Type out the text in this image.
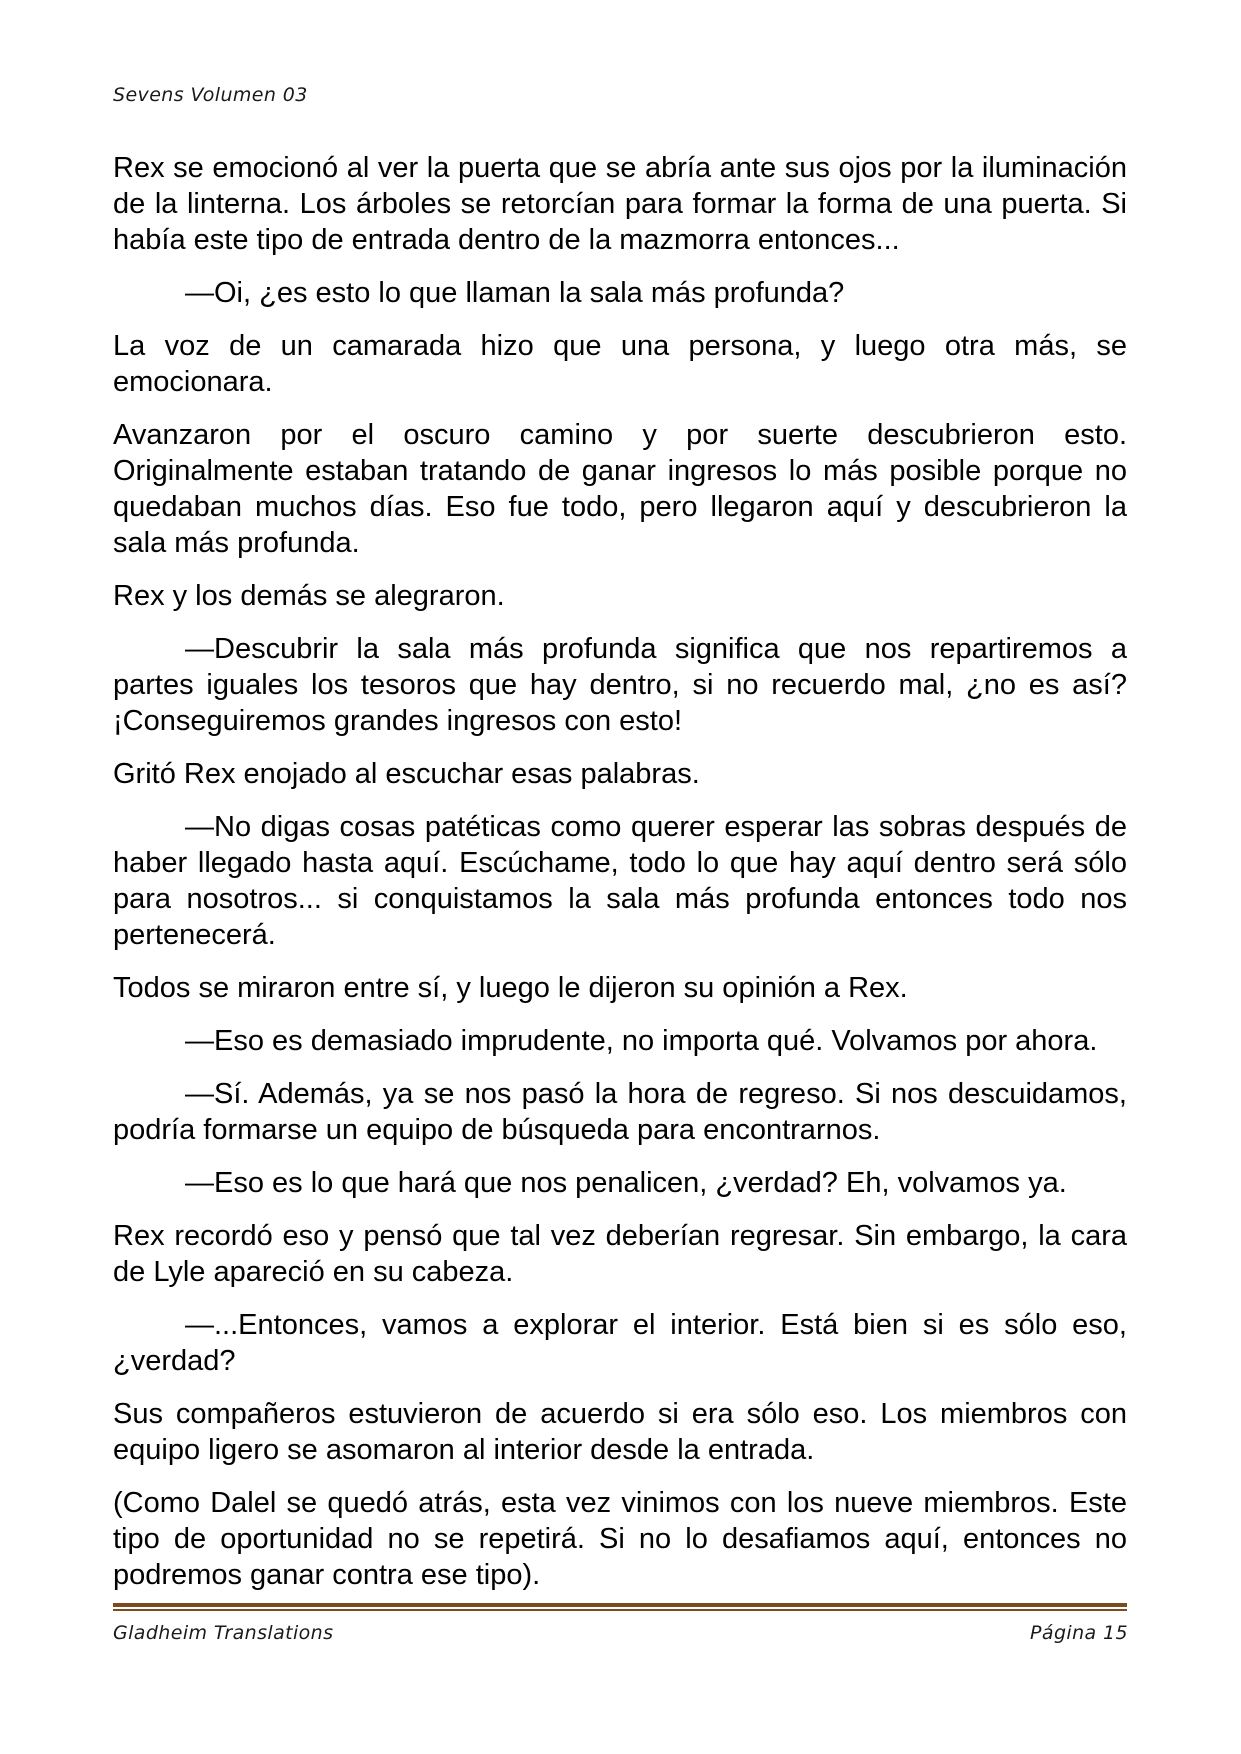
Sevens Volumen 03
Rex se emocionó al ver la puerta que se abría ante sus ojos por la iluminación
de la linterna. Los árboles se retorcían para formar la forma de una puerta. Si
había este tipo de entrada dentro de la mazmorra entonces...
—Oi, ¿es esto lo que llaman la sala más profunda?
La voz de un camarada hizo que una persona, y luego otra más, se
emocionara.
Avanzaron por el oscuro camino y por suerte descubrieron esto.
Originalmente estaban tratando de ganar ingresos lo más posible porque no
quedaban muchos días. Eso fue todo, pero llegaron aquí y descubrieron la
sala más profunda.
Rex y los demás se alegraron.
—Descubrir la sala más profunda significa que nos repartiremos a
partes iguales los tesoros que hay dentro, si no recuerdo mal, ¿no es así?
¡Conseguiremos grandes ingresos con esto!
Gritó Rex enojado al escuchar esas palabras.
—No digas cosas patéticas como querer esperar las sobras después de
haber llegado hasta aquí. Escúchame, todo lo que hay aquí dentro será sólo
para nosotros... si conquistamos la sala más profunda entonces todo nos
pertenecerá.
Todos se miraron entre sí, y luego le dijeron su opinión a Rex.
—Eso es demasiado imprudente, no importa qué. Volvamos por ahora.
—Sí. Además, ya se nos pasó la hora de regreso. Si nos descuidamos,
podría formarse un equipo de búsqueda para encontrarnos.
—Eso es lo que hará que nos penalicen, ¿verdad? Eh, volvamos ya.
Rex recordó eso y pensó que tal vez deberían regresar. Sin embargo, la cara
de Lyle apareció en su cabeza.
—...Entonces, vamos a explorar el interior. Está bien si es sólo eso,
¿verdad?
Sus compañeros estuvieron de acuerdo si era sólo eso. Los miembros con
equipo ligero se asomaron al interior desde la entrada.
(Como Dalel se quedó atrás, esta vez vinimos con los nueve miembros. Este
tipo de oportunidad no se repetirá. Si no lo desafiamos aquí, entonces no
podremos ganar contra ese tipo).
Gladheim Translations	Página 15
